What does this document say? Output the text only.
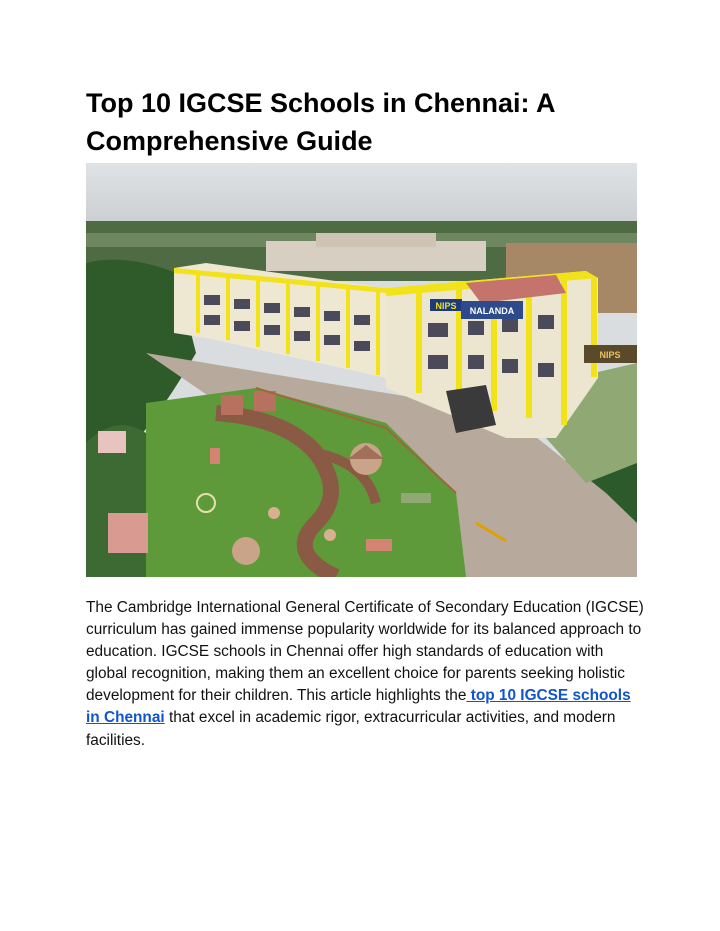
Top 10 IGCSE Schools in Chennai: A Comprehensive Guide
NIPS NALANDA
NIPS

The Cambridge International General Certificate of Secondary Education (IGCSE) curriculum has gained immense popularity worldwide for its balanced approach to education. IGCSE schools in Chennai offer high standards of education with global recognition, making them an excellent choice for parents seeking holistic development for their children. This article highlights the top 10 IGCSE schools in Chennai that excel in academic rigor, extracurricular activities, and modern facilities.
